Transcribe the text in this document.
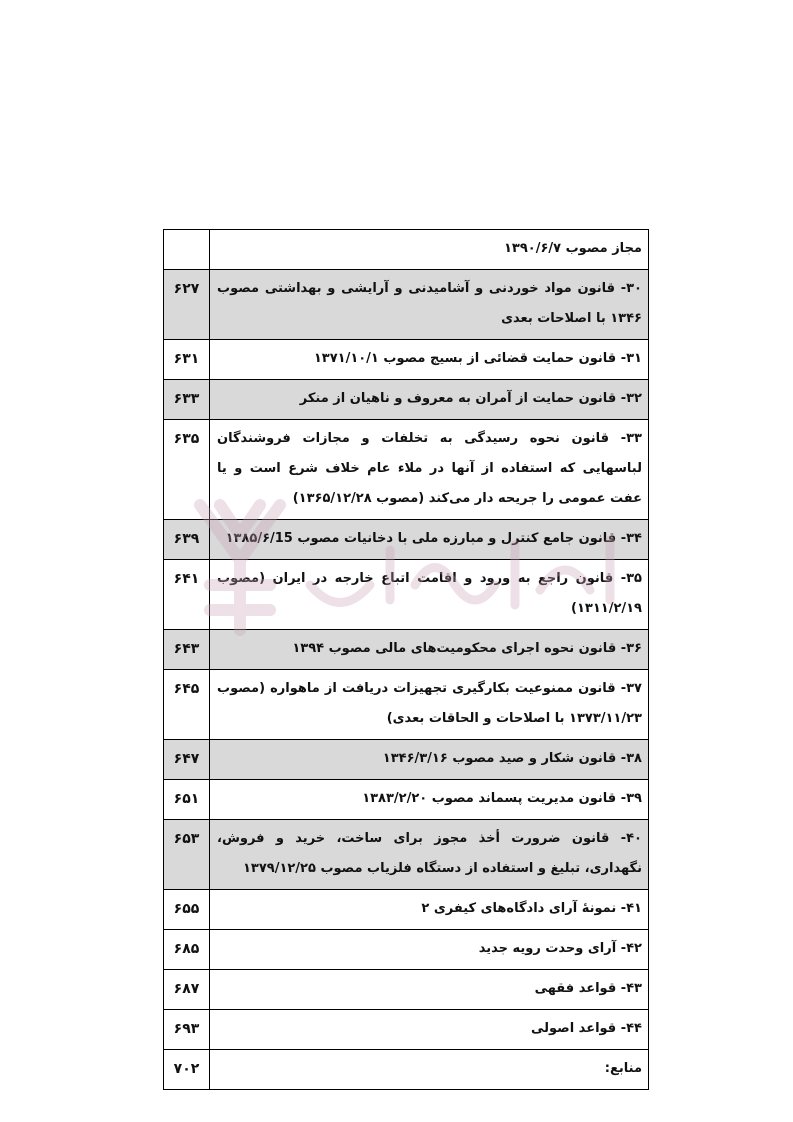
مجاز مصوب ۱۳۹۰/۶/۷	
۳۰- قانون مواد خوردنی و آشامیدنی و آرایشی و بهداشتی مصوب ۱۳۴۶ با اصلاحات بعدی	۶۲۷
۳۱- قانون حمایت قضائی از بسیج مصوب ۱۳۷۱/۱۰/۱	۶۳۱
۳۲- قانون حمایت از آمران به معروف و ناهیان از منکر	۶۳۳
۳۳- قانون نحوه رسیدگی به تخلفات و مجازات فروشندگان لباسهایی که استفاده از آنها در ملاء عام خلاف شرع است و یا عفت عمومی را جریحه دار می‌کند (مصوب ۱۳۶۵/۱۲/۲۸)	۶۳۵
۳۴- قانون جامع کنترل و مبارزه ملی با دخانیات مصوب ۱۳۸۵/۶/15	۶۳۹
۳۵- قانون راجع به ورود و اقامت اتباع خارجه در ایران (مصوب ۱۳۱۱/۲/۱۹)	۶۴۱
۳۶- قانون نحوه اجرای محکومیت‌های مالی مصوب ۱۳۹۴	۶۴۳
۳۷- قانون ممنوعیت بکارگیری تجهیزات دریافت از ماهواره (مصوب ۱۳۷۳/۱۱/۲۳ با اصلاحات و الحاقات بعدی)	۶۴۵
۳۸- قانون شکار و صید مصوب ۱۳۴۶/۳/۱۶	۶۴۷
۳۹- قانون مدیریت پسماند مصوب ۱۳۸۳/۲/۲۰	۶۵۱
۴۰- قانون ضرورت أخذ مجوز برای ساخت، خرید و فروش، نگهداری، تبلیغ و استفاده از دستگاه فلزیاب مصوب ۱۳۷۹/۱۲/۲۵	۶۵۳
۴۱- نمونهٔ آرای دادگاه‌های کیفری ۲	۶۵۵
۴۲- آرای وحدت رویه جدید	۶۸۵
۴۳- قواعد فقهی	۶۸۷
۴۴- قواعد اصولی	۶۹۳
منابع:	۷۰۲
